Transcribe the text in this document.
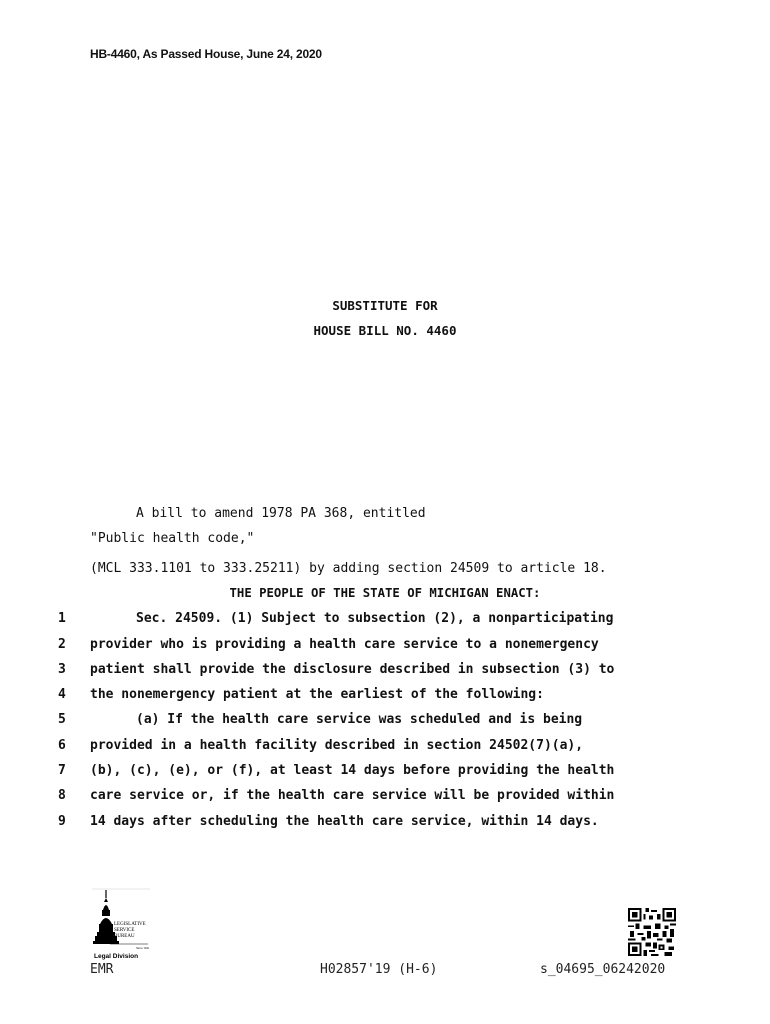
HB-4460, As Passed House, June 24, 2020
SUBSTITUTE FOR
HOUSE BILL NO. 4460
A bill to amend 1978 PA 368, entitled
"Public health code,"
(MCL 333.1101 to 333.25211) by adding section 24509 to article 18.
THE PEOPLE OF THE STATE OF MICHIGAN ENACT:
1	Sec. 24509. (1) Subject to subsection (2), a nonparticipating
2	provider who is providing a health care service to a nonemergency
3	patient shall provide the disclosure described in subsection (3) to
4	the nonemergency patient at the earliest of the following:
5	(a) If the health care service was scheduled and is being
6	provided in a health facility described in section 24502(7)(a),
7	(b), (c), (e), or (f), at least 14 days before providing the health
8	care service or, if the health care service will be provided within
9	14 days after scheduling the health care service, within 14 days.
LEGISLATIVE
SERVICE
BUREAU
Since 1941
Legal Division
EMR	H02857'19 (H-6)	s_04695_06242020
